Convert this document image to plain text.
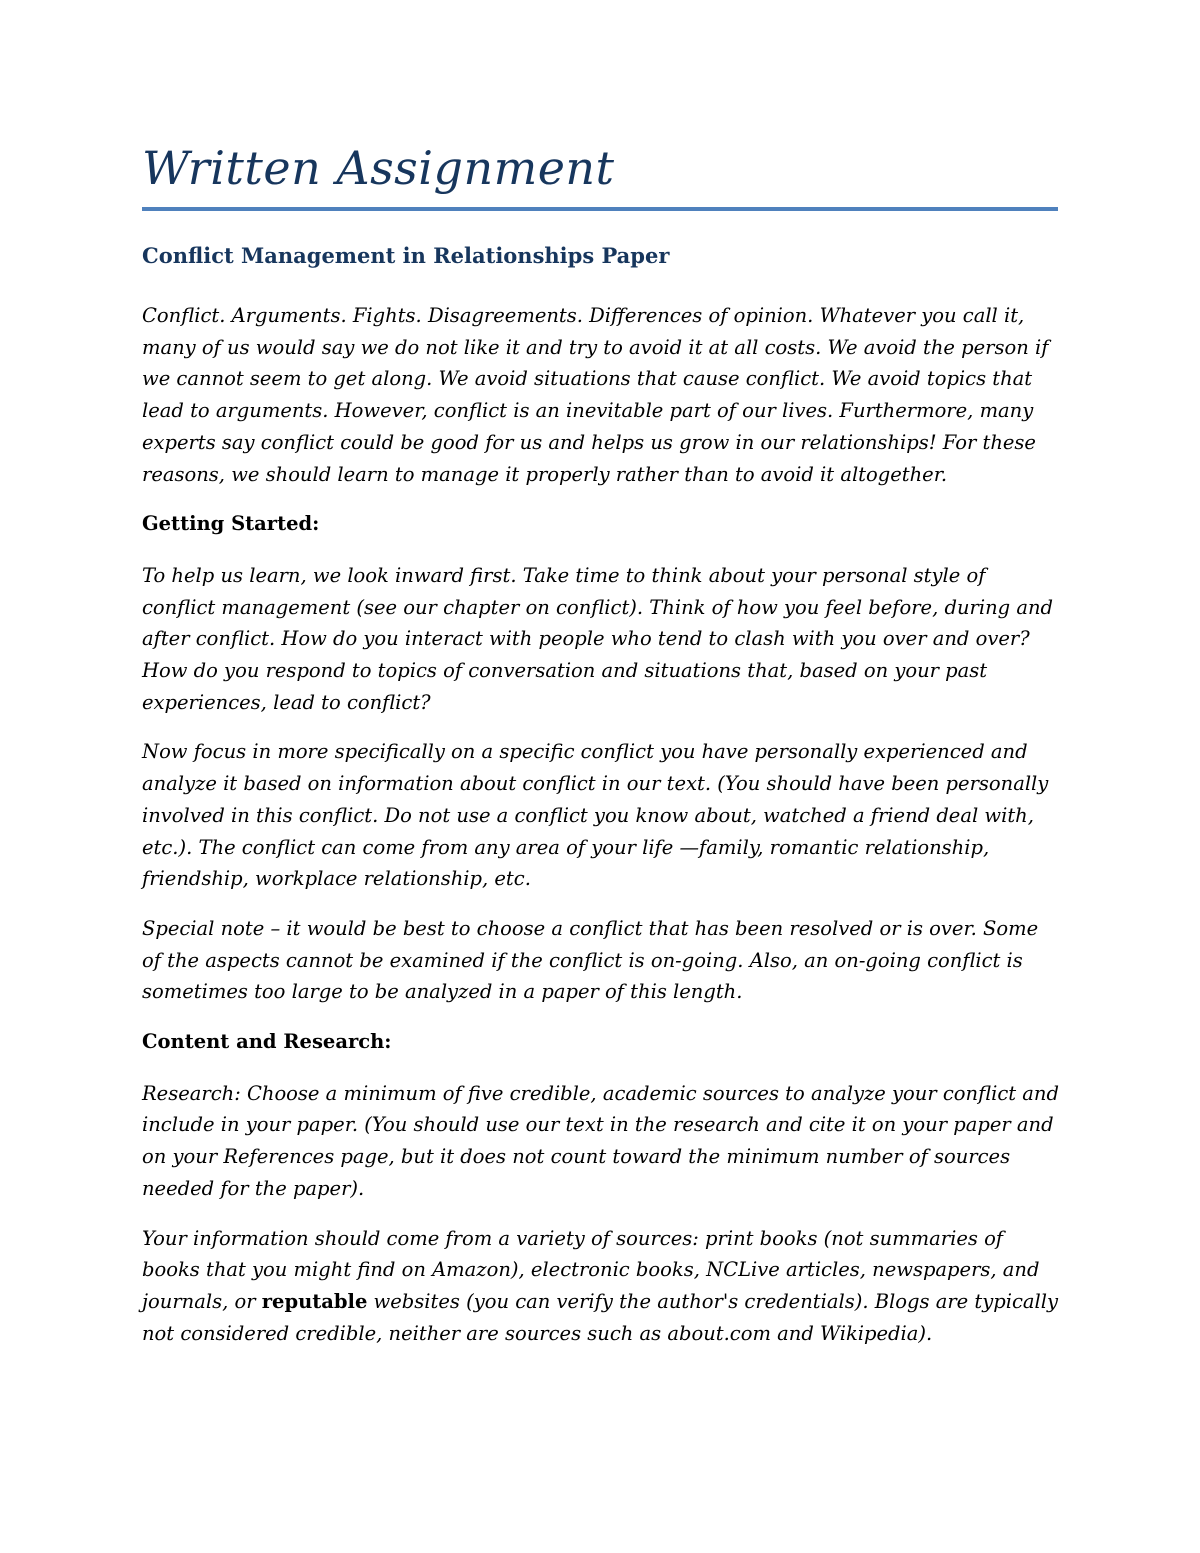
Written Assignment
Conflict Management in Relationships Paper

Conflict. Arguments. Fights. Disagreements. Differences of opinion. Whatever you call it, many of us would say we do not like it and try to avoid it at all costs. We avoid the person if we cannot seem to get along. We avoid situations that cause conflict. We avoid topics that lead to arguments. However, conflict is an inevitable part of our lives. Furthermore, many experts say conflict could be good for us and helps us grow in our relationships! For these reasons, we should learn to manage it properly rather than to avoid it altogether.

Getting Started:

To help us learn, we look inward first. Take time to think about your personal style of conflict management (see our chapter on conflict). Think of how you feel before, during and after conflict. How do you interact with people who tend to clash with you over and over? How do you respond to topics of conversation and situations that, based on your past experiences, lead to conflict?

Now focus in more specifically on a specific conflict you have personally experienced and analyze it based on information about conflict in our text. (You should have been personally involved in this conflict. Do not use a conflict you know about, watched a friend deal with, etc.). The conflict can come from any area of your life —family, romantic relationship, friendship, workplace relationship, etc.

Special note – it would be best to choose a conflict that has been resolved or is over. Some of the aspects cannot be examined if the conflict is on-going. Also, an on-going conflict is sometimes too large to be analyzed in a paper of this length.

Content and Research:

Research: Choose a minimum of five credible, academic sources to analyze your conflict and include in your paper. (You should use our text in the research and cite it on your paper and on your References page, but it does not count toward the minimum number of sources needed for the paper).

Your information should come from a variety of sources: print books (not summaries of books that you might find on Amazon), electronic books, NCLive articles, newspapers, and journals, or reputable websites (you can verify the author's credentials). Blogs are typically not considered credible, neither are sources such as about.com and Wikipedia).
